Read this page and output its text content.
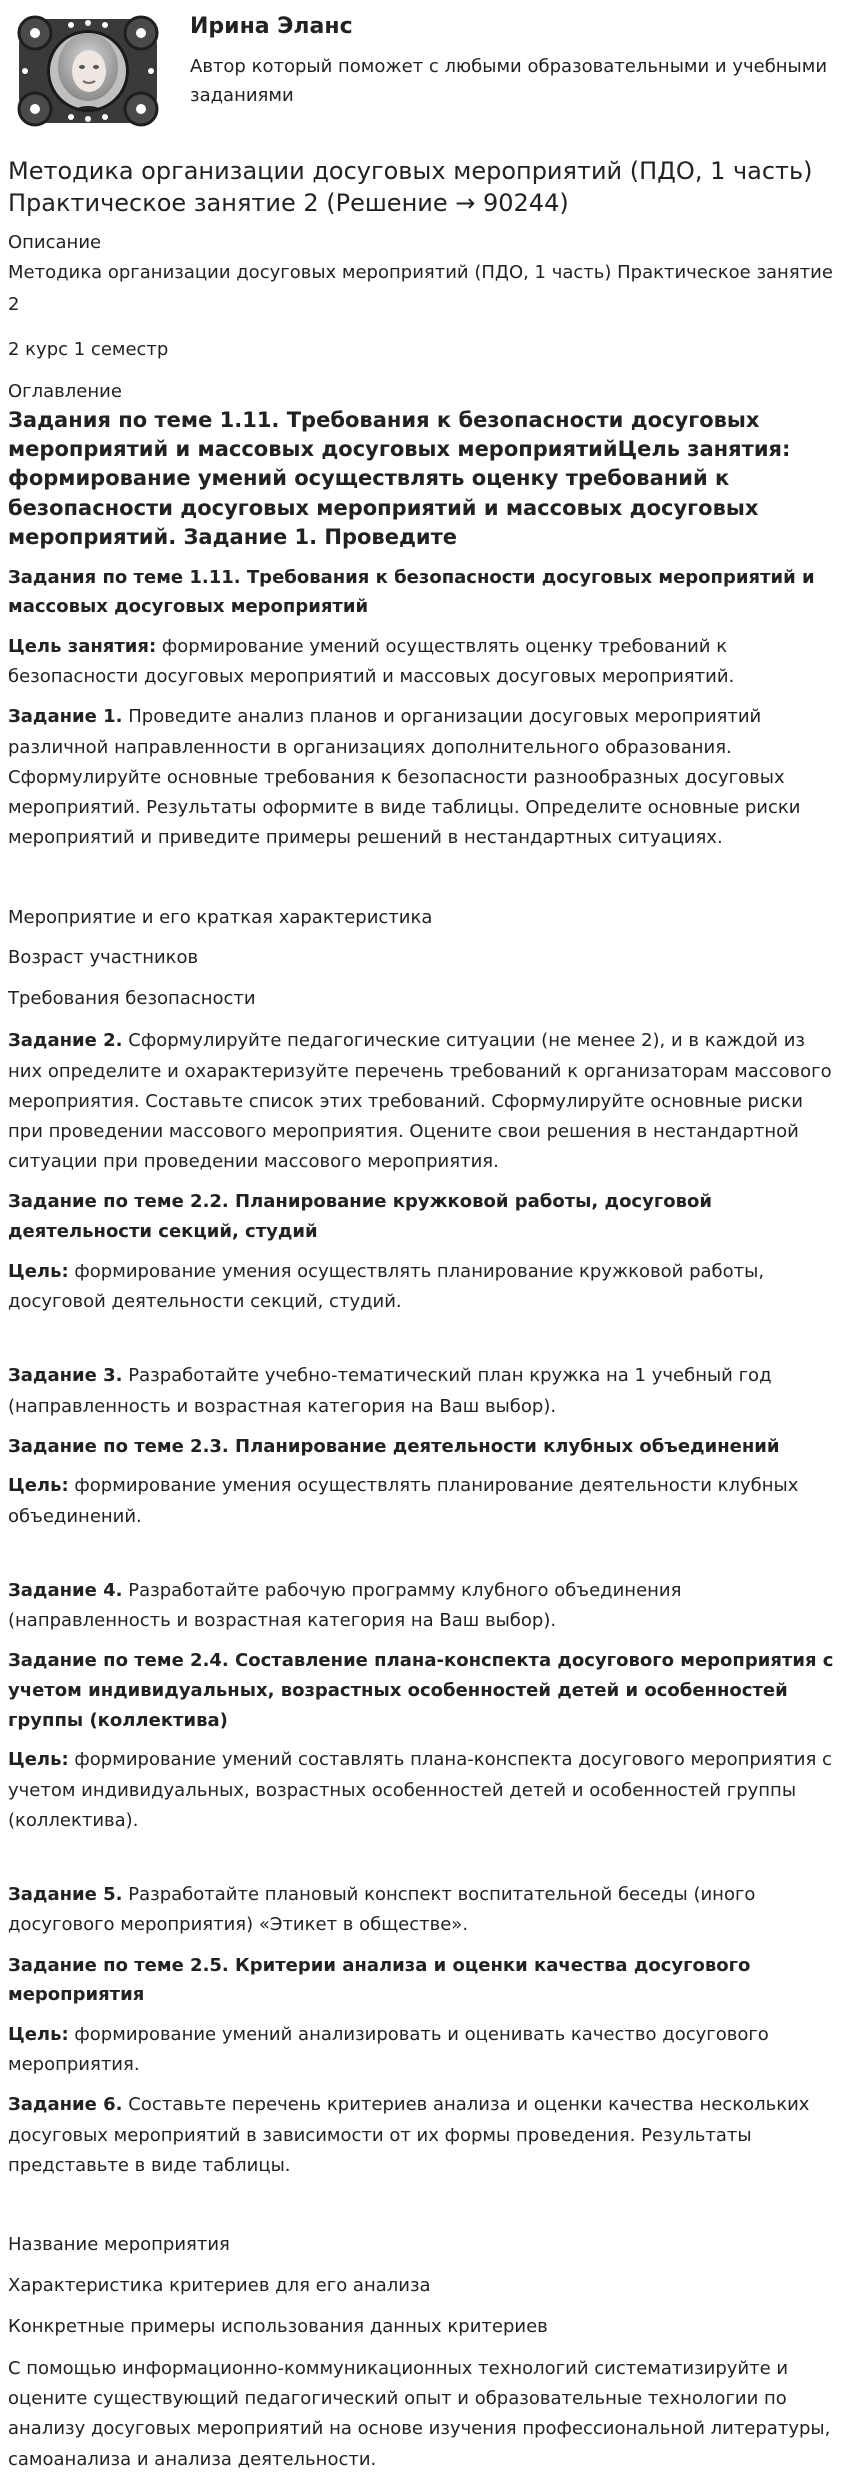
Ирина Эланс
Автор который поможет с любыми образовательными и учебными заданиями
Методика организации досуговых мероприятий (ПДО, 1 часть) Практическое занятие 2 (Решение → 90244)

Описание

Методика организации досуговых мероприятий (ПДО, 1 часть) Практическое занятие 2

2 курс 1 семестр

Оглавление

Задания по теме 1.11. Требования к безопасности досуговых мероприятий и массовых досуговых мероприятийЦель занятия: формирование умений осуществлять оценку требований к безопасности досуговых мероприятий и массовых досуговых мероприятий. Задание 1. Проведите
Задания по теме 1.11. Требования к безопасности досуговых мероприятий и массовых досуговых мероприятий

Цель занятия: формирование умений осуществлять оценку требований к безопасности досуговых мероприятий и массовых досуговых мероприятий.

Задание 1. Проведите анализ планов и организации досуговых мероприятий различной направленности в организациях дополнительного образования. Сформулируйте основные требования к безопасности разнообразных досуговых мероприятий. Результаты оформите в виде таблицы. Определите основные риски мероприятий и приведите примеры решений в нестандартных ситуациях.

Мероприятие и его краткая характеристика
Возраст участников
Требования безопасности

Задание 2. Сформулируйте педагогические ситуации (не менее 2), и в каждой из них определите и охарактеризуйте перечень требований к организаторам массового мероприятия. Составьте список этих требований. Сформулируйте основные риски при проведении массового мероприятия. Оцените свои решения в нестандартной ситуации при проведении массового мероприятия.

Задание по теме 2.2. Планирование кружковой работы, досуговой деятельности секций, студий

Цель: формирование умения осуществлять планирование кружковой работы, досуговой деятельности секций, студий.

Задание 3. Разработайте учебно-тематический план кружка на 1 учебный год (направленность и возрастная категория на Ваш выбор).

Задание по теме 2.3. Планирование деятельности клубных объединений

Цель: формирование умения осуществлять планирование деятельности клубных объединений.

Задание 4. Разработайте рабочую программу клубного объединения (направленность и возрастная категория на Ваш выбор).

Задание по теме 2.4. Составление плана-конспекта досугового мероприятия с учетом индивидуальных, возрастных особенностей детей и особенностей группы (коллектива)

Цель: формирование умений составлять плана-конспекта досугового мероприятия с учетом индивидуальных, возрастных особенностей детей и особенностей группы (коллектива).

Задание 5. Разработайте плановый конспект воспитательной беседы (иного досугового мероприятия) «Этикет в обществе».

Задание по теме 2.5. Критерии анализа и оценки качества досугового мероприятия

Цель: формирование умений анализировать и оценивать качество досугового мероприятия.

Задание 6. Составьте перечень критериев анализа и оценки качества нескольких досуговых мероприятий в зависимости от их формы проведения. Результаты представьте в виде таблицы.

Название мероприятия
Характеристика критериев для его анализа
Конкретные примеры использования данных критериев

С помощью информационно-коммуникационных технологий систематизируйте и оцените существующий педагогический опыт и образовательные технологии по анализу досуговых мероприятий на основе изучения профессиональной литературы, самоанализа и анализа деятельности.
